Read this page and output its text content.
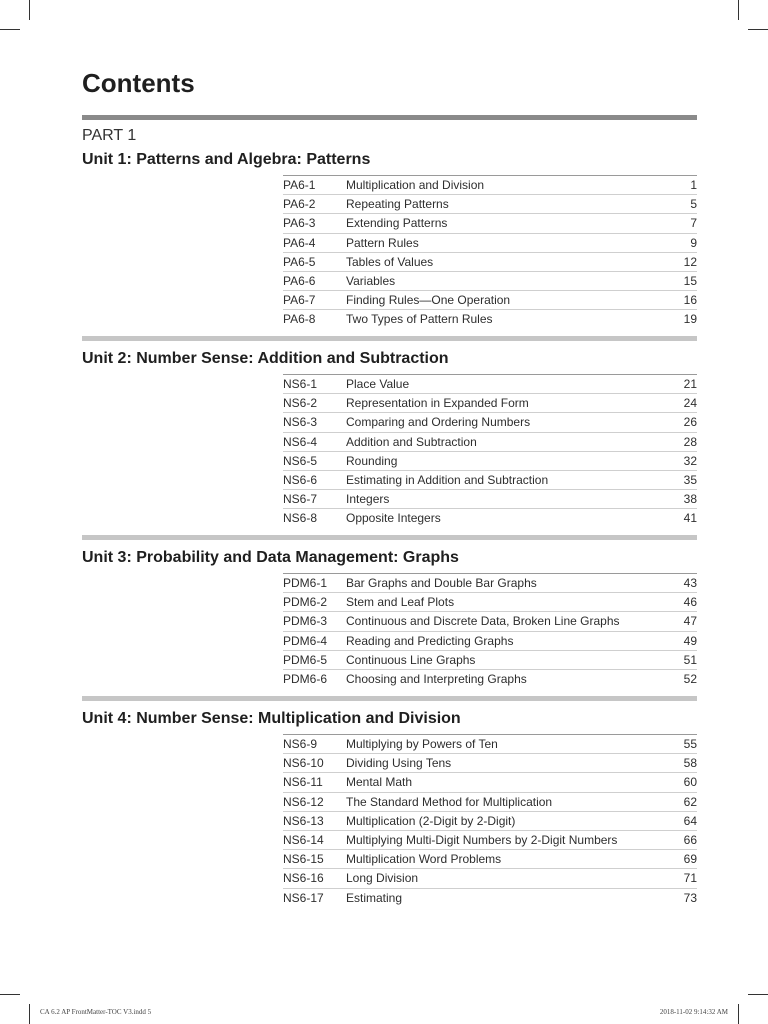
Contents
PART 1
Unit 1: Patterns and Algebra: Patterns
PA6-1	Multiplication and Division	1
PA6-2	Repeating Patterns	5
PA6-3	Extending Patterns	7
PA6-4	Pattern Rules	9
PA6-5	Tables of Values	12
PA6-6	Variables	15
PA6-7	Finding Rules—One Operation	16
PA6-8	Two Types of Pattern Rules	19
Unit 2: Number Sense: Addition and Subtraction
NS6-1 Place Value	21
NS6-2 Representation in Expanded Form	24
NS6-3 Comparing and Ordering Numbers	26
NS6-4 Addition and Subtraction	28
NS6-5 Rounding	32
NS6-6 Estimating in Addition and Subtraction	35
NS6-7 Integers	38
NS6-8 Opposite Integers	41
Unit 3: Probability and Data Management: Graphs
PDM6-1 Bar Graphs and Double Bar Graphs	43
PDM6-2 Stem and Leaf Plots	46
PDM6-3 Continuous and Discrete Data, Broken Line Graphs	47
PDM6-4 Reading and Predicting Graphs	49
PDM6-5 Continuous Line Graphs	51
PDM6-6 Choosing and Interpreting Graphs	52
Unit 4: Number Sense: Multiplication and Division
NS6-9 Multiplying by Powers of Ten	55
NS6-10 Dividing Using Tens	58
NS6-11 Mental Math	60
NS6-12 The Standard Method for Multiplication	62
NS6-13 Multiplication (2-Digit by 2-Digit)	64
NS6-14 Multiplying Multi-Digit Numbers by 2-Digit Numbers	66
NS6-15 Multiplication Word Problems	69
NS6-16 Long Division	71
NS6-17 Estimating	73
CA 6.2 AP FrontMatter-TOC V3.indd 5	2018-11-02 9:14:32 AM
